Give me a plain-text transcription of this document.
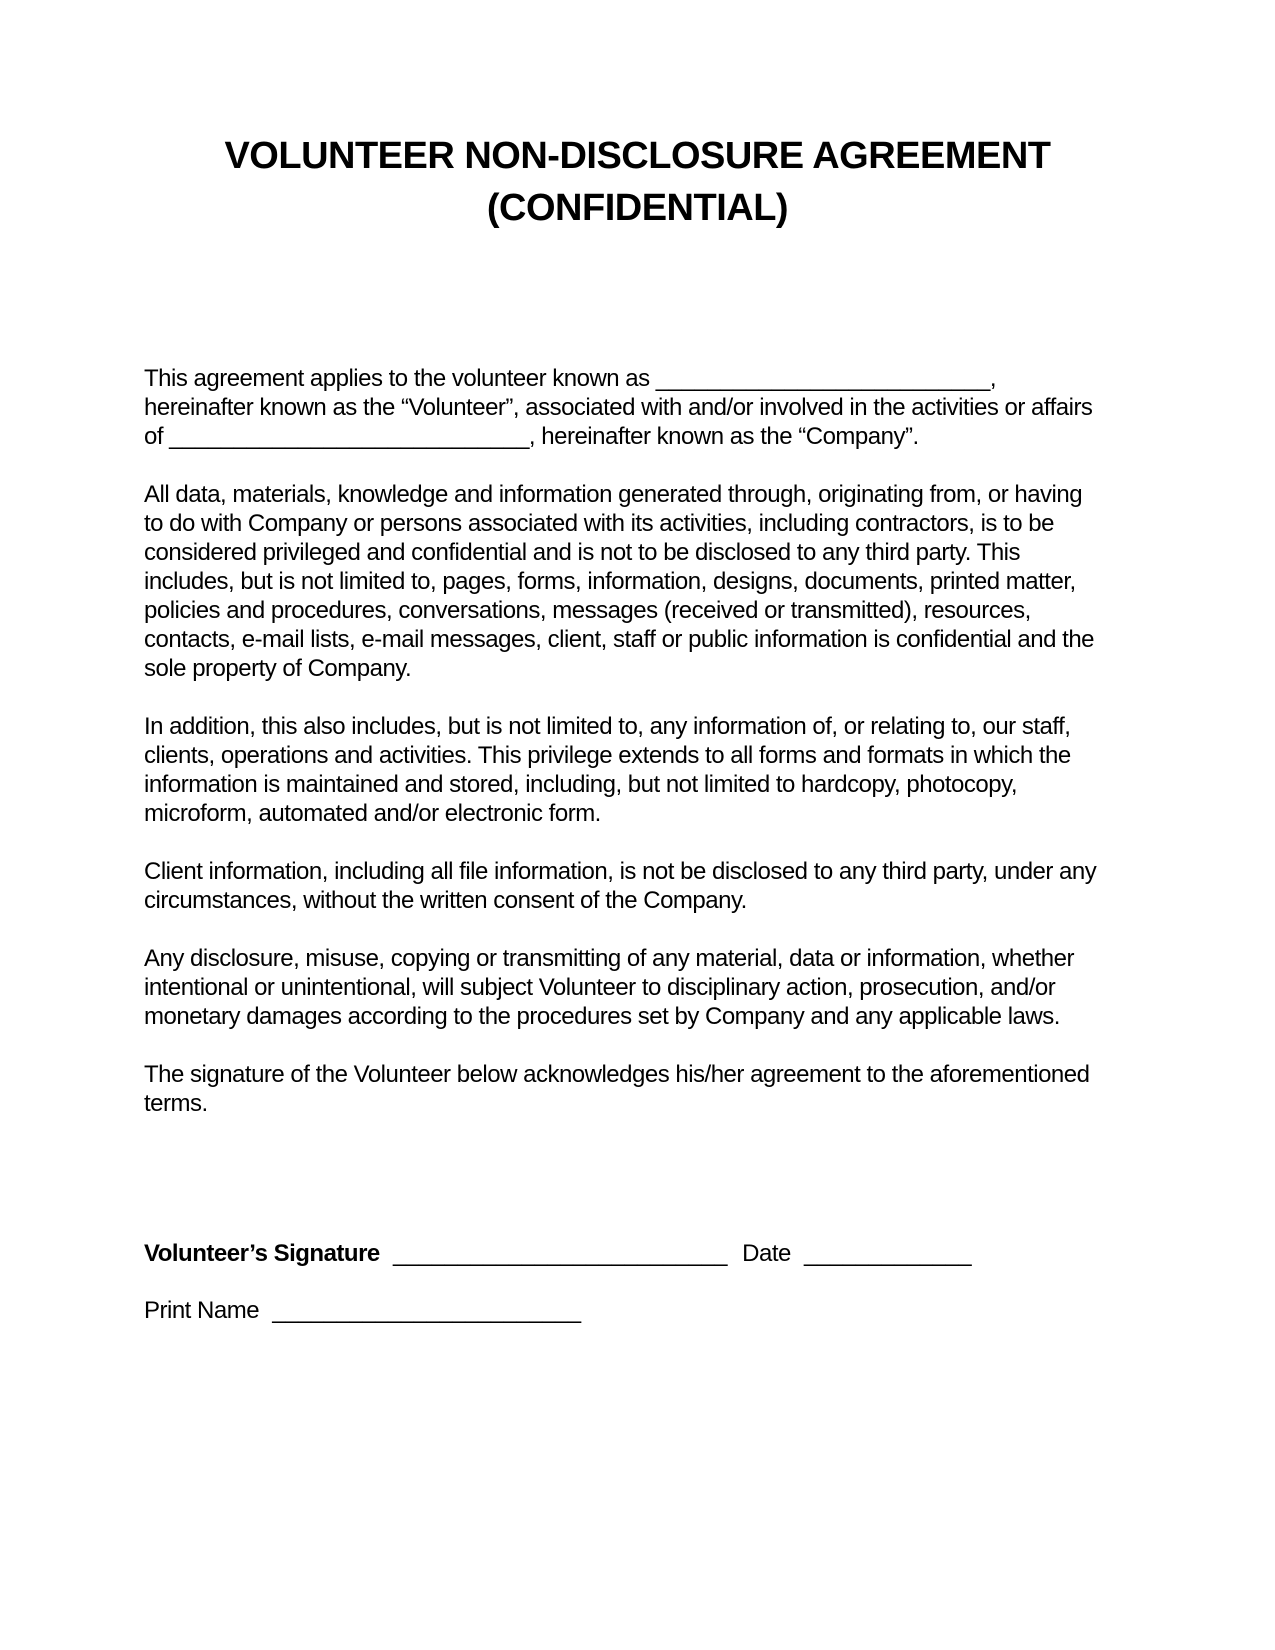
VOLUNTEER NON-DISCLOSURE AGREEMENT
(CONFIDENTIAL)

This agreement applies to the volunteer known as __________________________, hereinafter known as the “Volunteer”, associated with and/or involved in the activities or affairs of ____________________________, hereinafter known as the “Company”.

All data, materials, knowledge and information generated through, originating from, or having to do with Company or persons associated with its activities, including contractors, is to be considered privileged and confidential and is not to be disclosed to any third party. This includes, but is not limited to, pages, forms, information, designs, documents, printed matter, policies and procedures, conversations, messages (received or transmitted), resources, contacts, e-mail lists, e-mail messages, client, staff or public information is confidential and the sole property of Company.

In addition, this also includes, but is not limited to, any information of, or relating to, our staff, clients, operations and activities. This privilege extends to all forms and formats in which the information is maintained and stored, including, but not limited to hardcopy, photocopy, microform, automated and/or electronic form.

Client information, including all file information, is not be disclosed to any third party, under any circumstances, without the written consent of the Company.

Any disclosure, misuse, copying or transmitting of any material, data or information, whether intentional or unintentional, will subject Volunteer to disciplinary action, prosecution, and/or monetary damages according to the procedures set by Company and any applicable laws.

The signature of the Volunteer below acknowledges his/her agreement to the aforementioned terms.

Volunteer’s Signature __________________________ Date _____________

Print Name ________________________
